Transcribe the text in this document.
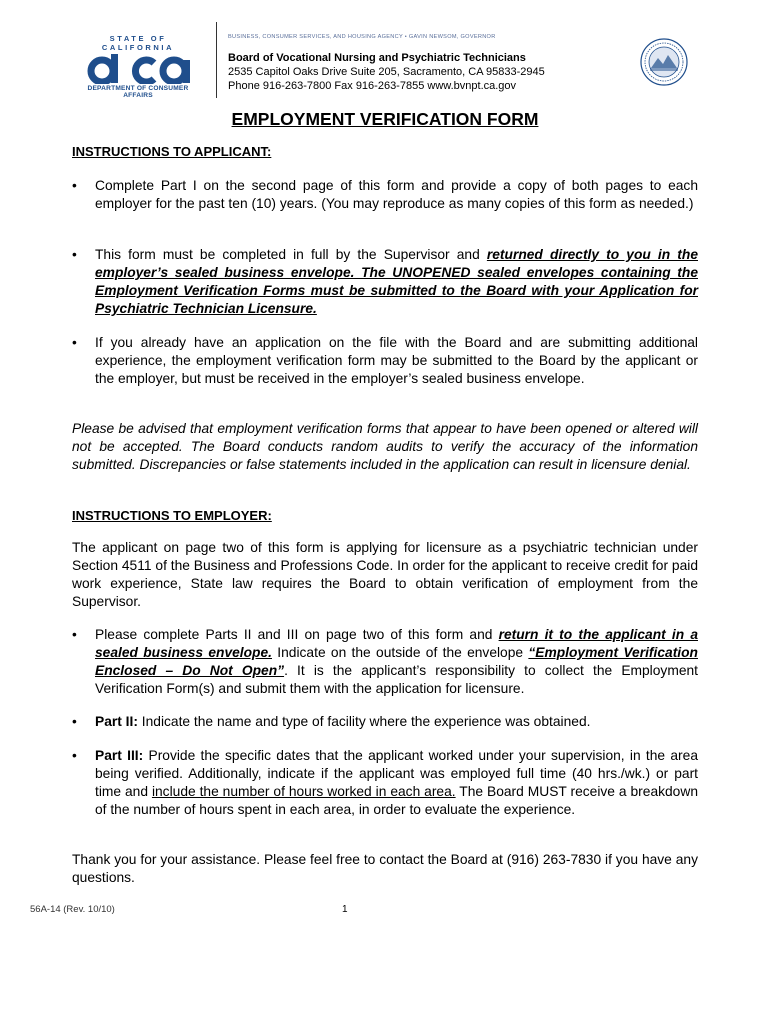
STATE OF CALIFORNIA
DEPARTMENT OF CONSUMER AFFAIRS
BUSINESS, CONSUMER SERVICES, AND HOUSING AGENCY • GAVIN NEWSOM, GOVERNOR
Board of Vocational Nursing and Psychiatric Technicians
2535 Capitol Oaks Drive Suite 205, Sacramento, CA 95833-2945
Phone 916-263-7800 Fax 916-263-7855 www.bvnpt.ca.gov
EMPLOYMENT VERIFICATION FORM
INSTRUCTIONS TO APPLICANT:
• Complete Part I on the second page of this form and provide a copy of both pages to each employer for the past ten (10) years. (You may reproduce as many copies of this form as needed.)
• This form must be completed in full by the Supervisor and returned directly to you in the employer’s sealed business envelope. The UNOPENED sealed envelopes containing the Employment Verification Forms must be submitted to the Board with your Application for Psychiatric Technician Licensure.
• If you already have an application on the file with the Board and are submitting additional experience, the employment verification form may be submitted to the Board by the applicant or the employer, but must be received in the employer’s sealed business envelope.
Please be advised that employment verification forms that appear to have been opened or altered will not be accepted. The Board conducts random audits to verify the accuracy of the information submitted. Discrepancies or false statements included in the application can result in licensure denial.
INSTRUCTIONS TO EMPLOYER:
The applicant on page two of this form is applying for licensure as a psychiatric technician under Section 4511 of the Business and Professions Code. In order for the applicant to receive credit for paid work experience, State law requires the Board to obtain verification of employment from the Supervisor.
• Please complete Parts II and III on page two of this form and return it to the applicant in a sealed business envelope. Indicate on the outside of the envelope “Employment Verification Enclosed – Do Not Open”. It is the applicant’s responsibility to collect the Employment Verification Form(s) and submit them with the application for licensure.
• Part II: Indicate the name and type of facility where the experience was obtained.
• Part III: Provide the specific dates that the applicant worked under your supervision, in the area being verified. Additionally, indicate if the applicant was employed full time (40 hrs./wk.) or part time and include the number of hours worked in each area. The Board MUST receive a breakdown of the number of hours spent in each area, in order to evaluate the experience.
Thank you for your assistance. Please feel free to contact the Board at (916) 263-7830 if you have any questions.
56A-14 (Rev. 10/10)	1
